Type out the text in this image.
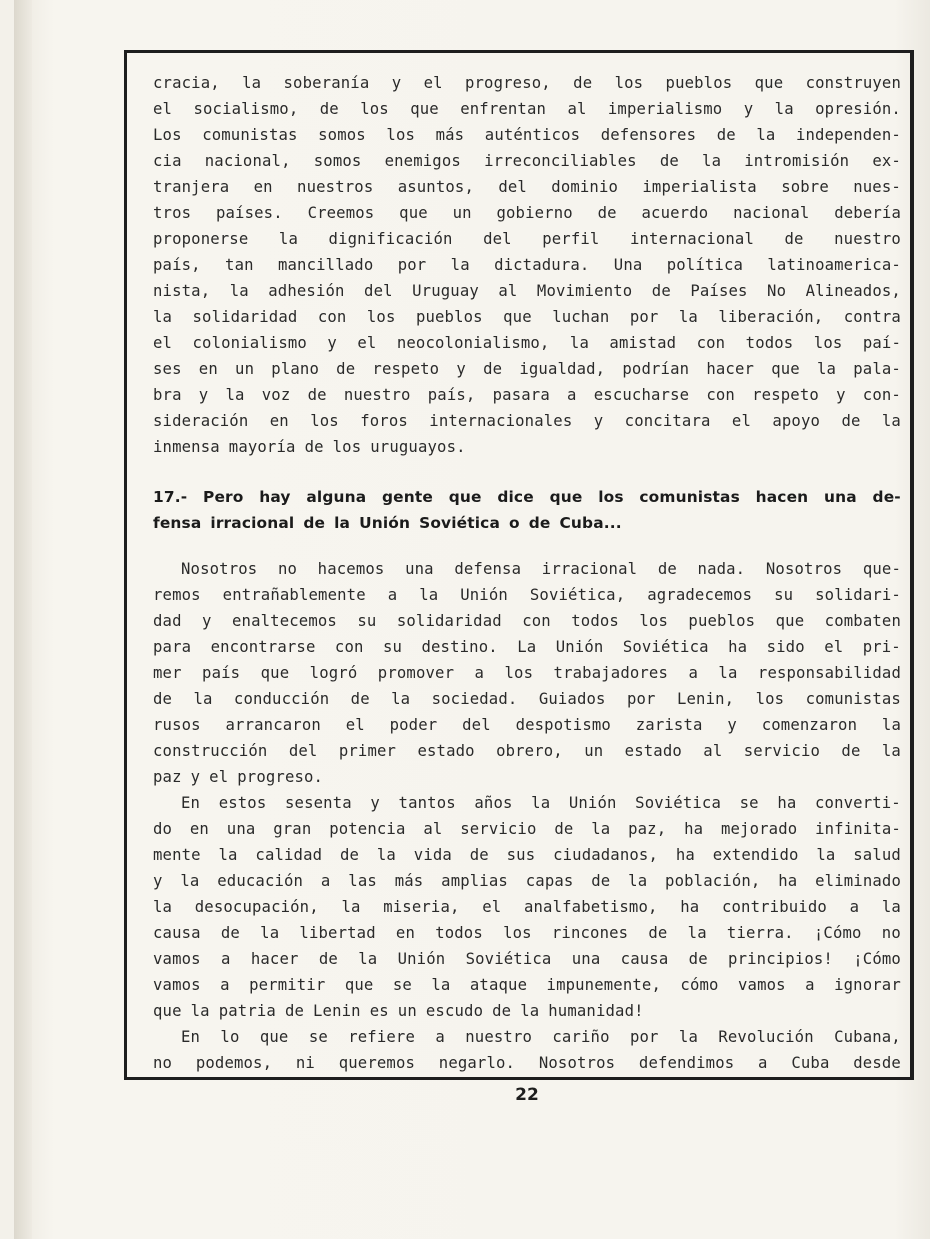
cracia, la soberanía y el progreso, de los pueblos que construyen
el socialismo, de los que enfrentan al imperialismo y la opresión.
Los comunistas somos los más auténticos defensores de la independen-
cia nacional, somos enemigos irreconciliables de la intromisión ex-
tranjera en nuestros asuntos, del dominio imperialista sobre nues-
tros países. Creemos que un gobierno de acuerdo nacional debería
proponerse la dignificación del perfil internacional de nuestro
país, tan mancillado por la dictadura. Una política latinoamericа-
nista, la adhesión del Uruguay al Movimiento de Países No Alineados,
la solidaridad con los pueblos que luchan por la liberación, contra
el colonialismo y el neocolonialismo, la amistad con todos los paí-
ses en un plano de respeto y de igualdad, podrían hacer que la pala-
bra y la voz de nuestro país, pasara a escucharse con respeto y con-
sideración en los foros internacionales y concitara el apoyo de la
inmensa mayoría de los uruguayos.
17.- Pero hay alguna gente que dice que los comunistas hacen una de-
fensa irracional de la Unión Soviética o de Cuba...
Nosotros no hacemos una defensa irracional de nada. Nosotros que-
remos entrañablemente a la Unión Soviética, agradecemos su solidari-
dad y enaltecemos su solidaridad con todos los pueblos que combaten
para encontrarse con su destino. La Unión Soviética ha sido el pri-
mer país que logró promover a los trabajadores a la responsabilidad
de la conducción de la sociedad. Guiados por Lenin, los comunistas
rusos arrancaron el poder del despotismo zarista y comenzaron la
construcción del primer estado obrero, un estado al servicio de la
paz y el progreso.
En estos sesenta y tantos años la Unión Soviética se ha converti-
do en una gran potencia al servicio de la paz, ha mejorado infinita-
mente la calidad de la vida de sus ciudadanos, ha extendido la salud
y la educación a las más amplias capas de la población, ha eliminado
la desocupación, la miseria, el analfabetismo, ha contribuido a la
causa de la libertad en todos los rincones de la tierra. ¡Cómo no
vamos a hacer de la Unión Soviética una causa de principios! ¡Cómo
vamos a permitir que se la ataque impunemente, cómo vamos a ignorar
que la patria de Lenin es un escudo de la humanidad!
En lo que se refiere a nuestro cariño por la Revolución Cubana,
no podemos, ni queremos negarlo. Nosotros defendimos a Cuba desde
22
